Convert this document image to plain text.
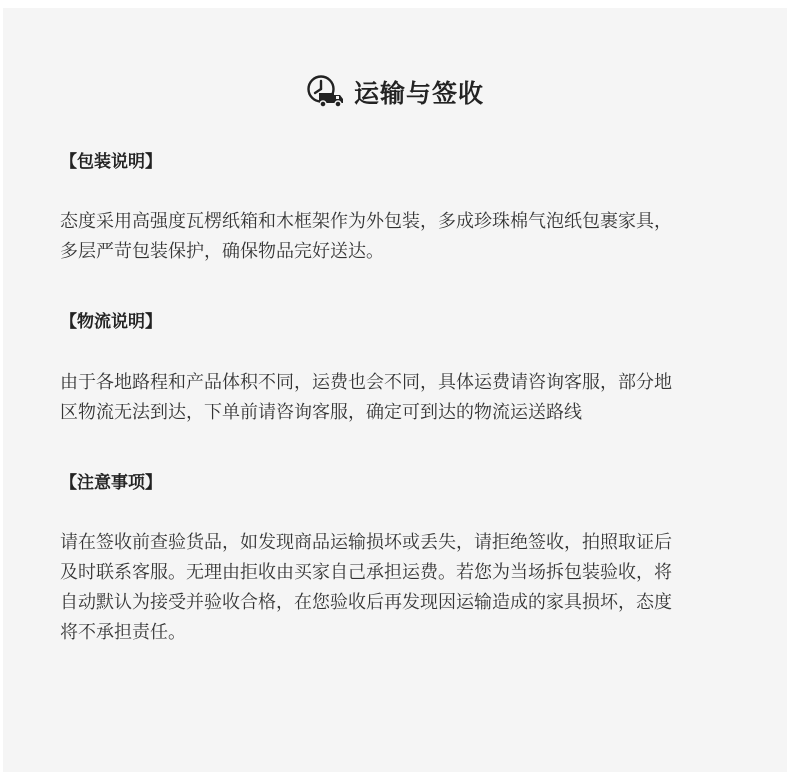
运输与签收
【包装说明】

态度采用高强度瓦楞纸箱和木框架作为外包装，多成珍珠棉气泡纸包裹家具，
多层严苛包装保护，确保物品完好送达。

【物流说明】

由于各地路程和产品体积不同，运费也会不同，具体运费请咨询客服，部分地
区物流无法到达，下单前请咨询客服，确定可到达的物流运送路线

【注意事项】

请在签收前查验货品，如发现商品运输损坏或丢失，请拒绝签收，拍照取证后
及时联系客服。无理由拒收由买家自己承担运费。若您为当场拆包装验收，将
自动默认为接受并验收合格，在您验收后再发现因运输造成的家具损坏，态度
将不承担责任。
